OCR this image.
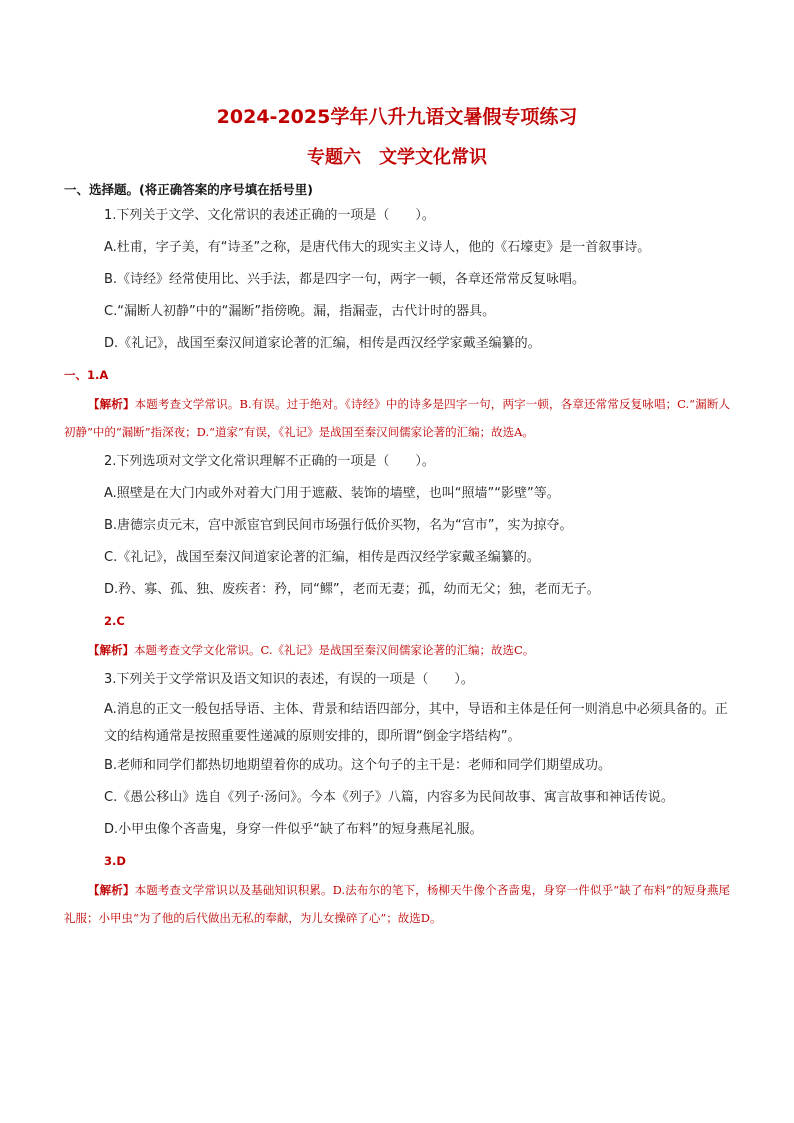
2024-2025学年八升九语文暑假专项练习
专题六　文学文化常识
一、选择题。(将正确答案的序号填在括号里)
1.下列关于文学、文化常识的表述正确的一项是（　　）。
A.杜甫，字子美，有“诗圣”之称，是唐代伟大的现实主义诗人，他的《石壕吏》是一首叙事诗。
B.《诗经》经常使用比、兴手法，都是四字一句，两字一顿，各章还常常反复咏唱。
C.“漏断人初静”中的“漏断”指傍晚。漏，指漏壶，古代计时的器具。
D.《礼记》，战国至秦汉间道家论著的汇编，相传是西汉经学家戴圣编纂的。
一、1.A
【解析】本题考查文学常识。B.有误。过于绝对。《诗经》中的诗多是四字一句，两字一顿，各章还常常反复咏唱；C.“漏断人初静”中的“漏断”指深夜；D.“道家”有误，《礼记》是战国至秦汉间儒家论著的汇编；故选A。
2.下列选项对文学文化常识理解不正确的一项是（　　）。
A.照壁是在大门内或外对着大门用于遮蔽、装饰的墙壁，也叫“照墙”“影壁”等。
B.唐德宗贞元末，宫中派宦官到民间市场强行低价买物，名为“宫市”，实为掠夺。
C.《礼记》，战国至秦汉间道家论著的汇编，相传是西汉经学家戴圣编纂的。
D.矜、寡、孤、独、废疾者：矜，同“鳏”，老而无妻；孤，幼而无父；独，老而无子。
2.C
【解析】本题考查文学文化常识。C.《礼记》是战国至秦汉间儒家论著的汇编；故选C。
3.下列关于文学常识及语文知识的表述，有误的一项是（　　）。
A.消息的正文一般包括导语、主体、背景和结语四部分，其中，导语和主体是任何一则消息中必须具备的。正文的结构通常是按照重要性递减的原则安排的，即所谓“倒金字塔结构”。
B.老师和同学们都热切地期望着你的成功。这个句子的主干是：老师和同学们期望成功。
C.《愚公移山》选自《列子·汤问》。今本《列子》八篇，内容多为民间故事、寓言故事和神话传说。
D.小甲虫像个吝啬鬼，身穿一件似乎“缺了布料”的短身燕尾礼服。
3.D
【解析】本题考查文学常识以及基础知识积累。D.法布尔的笔下，杨柳天牛像个吝啬鬼，身穿一件似乎“缺了布料”的短身燕尾礼服；小甲虫“为了他的后代做出无私的奉献，为儿女操碎了心”；故选D。
